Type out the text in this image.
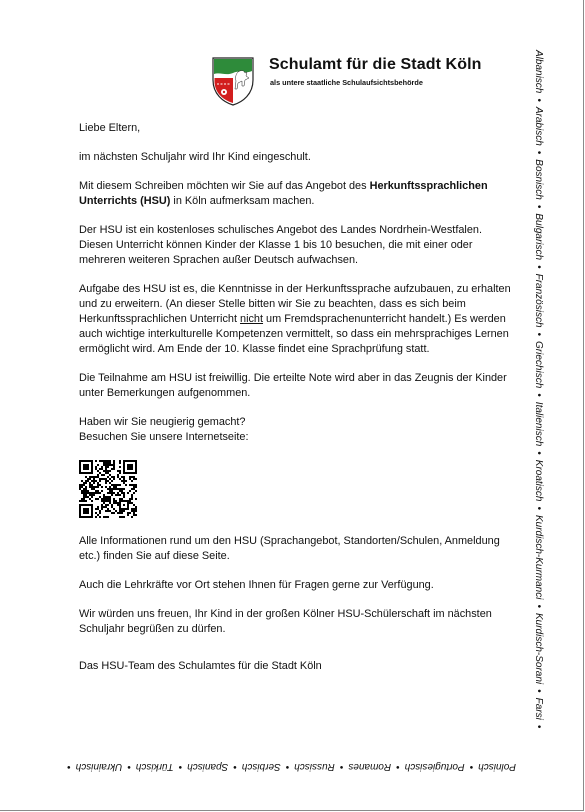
Schulamt für die Stadt Köln
als untere staatliche Schulaufsichtsbehörde

Liebe Eltern,

im nächsten Schuljahr wird Ihr Kind eingeschult.

Mit diesem Schreiben möchten wir Sie auf das Angebot des Herkunftssprachlichen Unterrichts (HSU) in Köln aufmerksam machen.

Der HSU ist ein kostenloses schulisches Angebot des Landes Nordrhein-Westfalen. Diesen Unterricht können Kinder der Klasse 1 bis 10 besuchen, die mit einer oder mehreren weiteren Sprachen außer Deutsch aufwachsen.

Aufgabe des HSU ist es, die Kenntnisse in der Herkunftssprache aufzubauen, zu erhalten und zu erweitern. (An dieser Stelle bitten wir Sie zu beachten, dass es sich beim Herkunftssprachlichen Unterricht nicht um Fremdsprachenunterricht handelt.) Es werden auch wichtige interkulturelle Kompetenzen vermittelt, so dass ein mehrsprachiges Lernen ermöglicht wird. Am Ende der 10. Klasse findet eine Sprachprüfung statt.

Die Teilnahme am HSU ist freiwillig. Die erteilte Note wird aber in das Zeugnis der Kinder unter Bemerkungen aufgenommen.

Haben wir Sie neugierig gemacht?

Besuchen Sie unsere Internetseite:

Alle Informationen rund um den HSU (Sprachangebot, Standorten/Schulen, Anmeldung etc.) finden Sie auf diese Seite.

Auch die Lehrkräfte vor Ort stehen Ihnen für Fragen gerne zur Verfügung.

Wir würden uns freuen, Ihr Kind in der großen Kölner HSU-Schülerschaft im nächsten Schuljahr begrüßen zu dürfen.

Das HSU-Team des Schulamtes für die Stadt Köln

Albanisch•Arabisch•Bosnisch•Bulgarisch•Französisch•Griechisch•Italienisch•Kroatisch•Kurdisch-Kurmanci•Kurdisch-Sorani•Farsi•
Polnisch•Portugiesisch•Romanes•Russisch•Serbisch•Spanisch•Türkisch•Ukrainisch•
